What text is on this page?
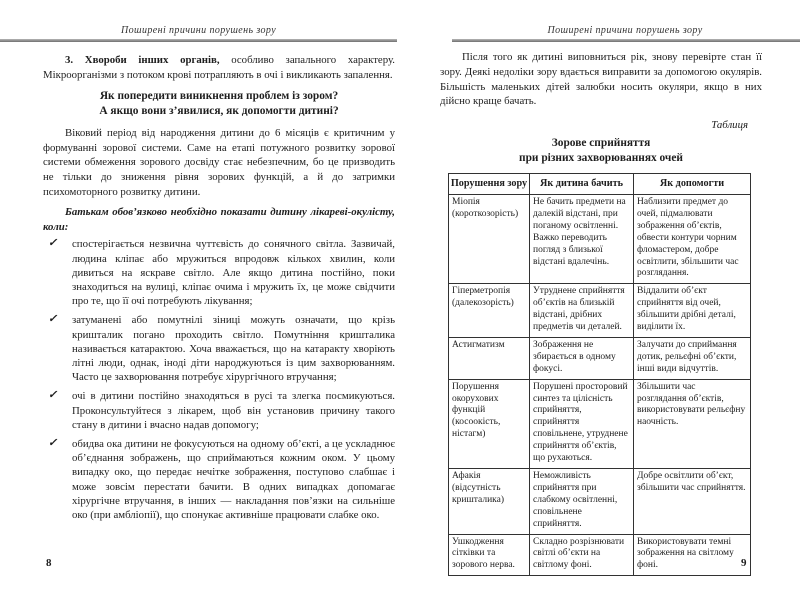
Поширені причини порушень зору	Поширені причини порушень зору

3. Хвороби інших органів, особливо запального характеру. Мікроорганізми з потоком крові потрапляють в очі і викликають запалення.

Як попередити виникнення проблем із зором?
А якщо вони з’явилися, як допомогти дитині?

Віковий період від народження дитини до 6 місяців є критичним у формуванні зорової системи. Саме на етапі потужного розвитку зорової системи обмеження зорового досвіду стає небезпечним, бо це призводить не тільки до зниження рівня зорових функцій, а й до затримки психомоторного розвитку дитини.

Батькам обов’язково необхідно показати дитину лікареві-окулісту, коли:

✓ спостерігається незвична чуттєвість до сонячного світла. Зазвичай, людина кліпає або мружиться впродовж кількох хвилин, коли дивиться на яскраве світло. Але якщо дитина постійно, поки знаходиться на вулиці, кліпає очима і мружить їх, це може свідчити про те, що її очі потребують лікування;
✓ затуманені або помутнілі зіниці можуть означати, що крізь кришталик погано проходить світло. Помутніння кришталика називається катарактою. Хоча вважається, що на катаракту хворіють літні люди, однак, іноді діти народжуються із цим захворюванням. Часто це захворювання потребує хірургічного втручання;
✓ очі в дитини постійно знаходяться в русі та злегка посмикуються. Проконсультуйтеся з лікарем, щоб він установив причину такого стану в дитини і вчасно надав допомогу;
✓ обидва ока дитини не фокусуються на одному об’єкті, а це ускладнює об’єднання зображень, що сприймаються кожним оком. У цьому випадку око, що передає нечітке зображення, поступово слабшає і може зовсім перестати бачити. В одних випадках допомагає хірургічне втручання, в інших — накладання пов’язки на сильніше око (при амбліопії), що спонукає активніше працювати слабке око.

Після того як дитині виповниться рік, знову перевірте стан її зору. Деякі недоліки зору вдається виправити за допомогою окулярів. Більшість маленьких дітей залюбки носить окуляри, якщо в них дійсно краще бачать.

Таблиця
Зорове сприйняття
при різних захворюваннях очей
Порушення зору	Як дитина бачить	Як допомогти
Міопія (короткозорість)	Не бачить предмети на далекій відстані, при поганому освітленні. Важко переводить погляд з близької відстані вдалечінь.	Наблизити предмет до очей, підмалювати зображення об’єктів, обвести контури чорним фломастером, добре освітлити, збільшити час розглядання.
Гіперметропія (далекозорість)	Утруднене сприйняття об’єктів на близькій відстані, дрібних предметів чи деталей.	Віддалити об’єкт сприйняття від очей, збільшити дрібні деталі, виділити їх.
Астигматизм	Зображення не збирається в одному фокусі.	Залучати до сприймання дотик, рельєфні об’єкти, інші види відчуттів.
Порушення окорухових функцій (косоокість, ністагм)	Порушені просторовий синтез та цілісність сприйняття, сприйняття сповільнене, утруднене сприйняття об’єктів, що рухаються.	Збільшити час розглядання об’єктів, використовувати рельєфну наочність.
Афакія (відсутність кришталика)	Неможливість сприйняття при слабкому освітленні, сповільнене сприйняття.	Добре освітлити об’єкт, збільшити час сприйняття.
Ушкодження сітківки та зорового нерва.	Складно розрізнювати світлі об’єкти на світлому фоні.	Використовувати темні зображення на світлому фоні.
8	9
